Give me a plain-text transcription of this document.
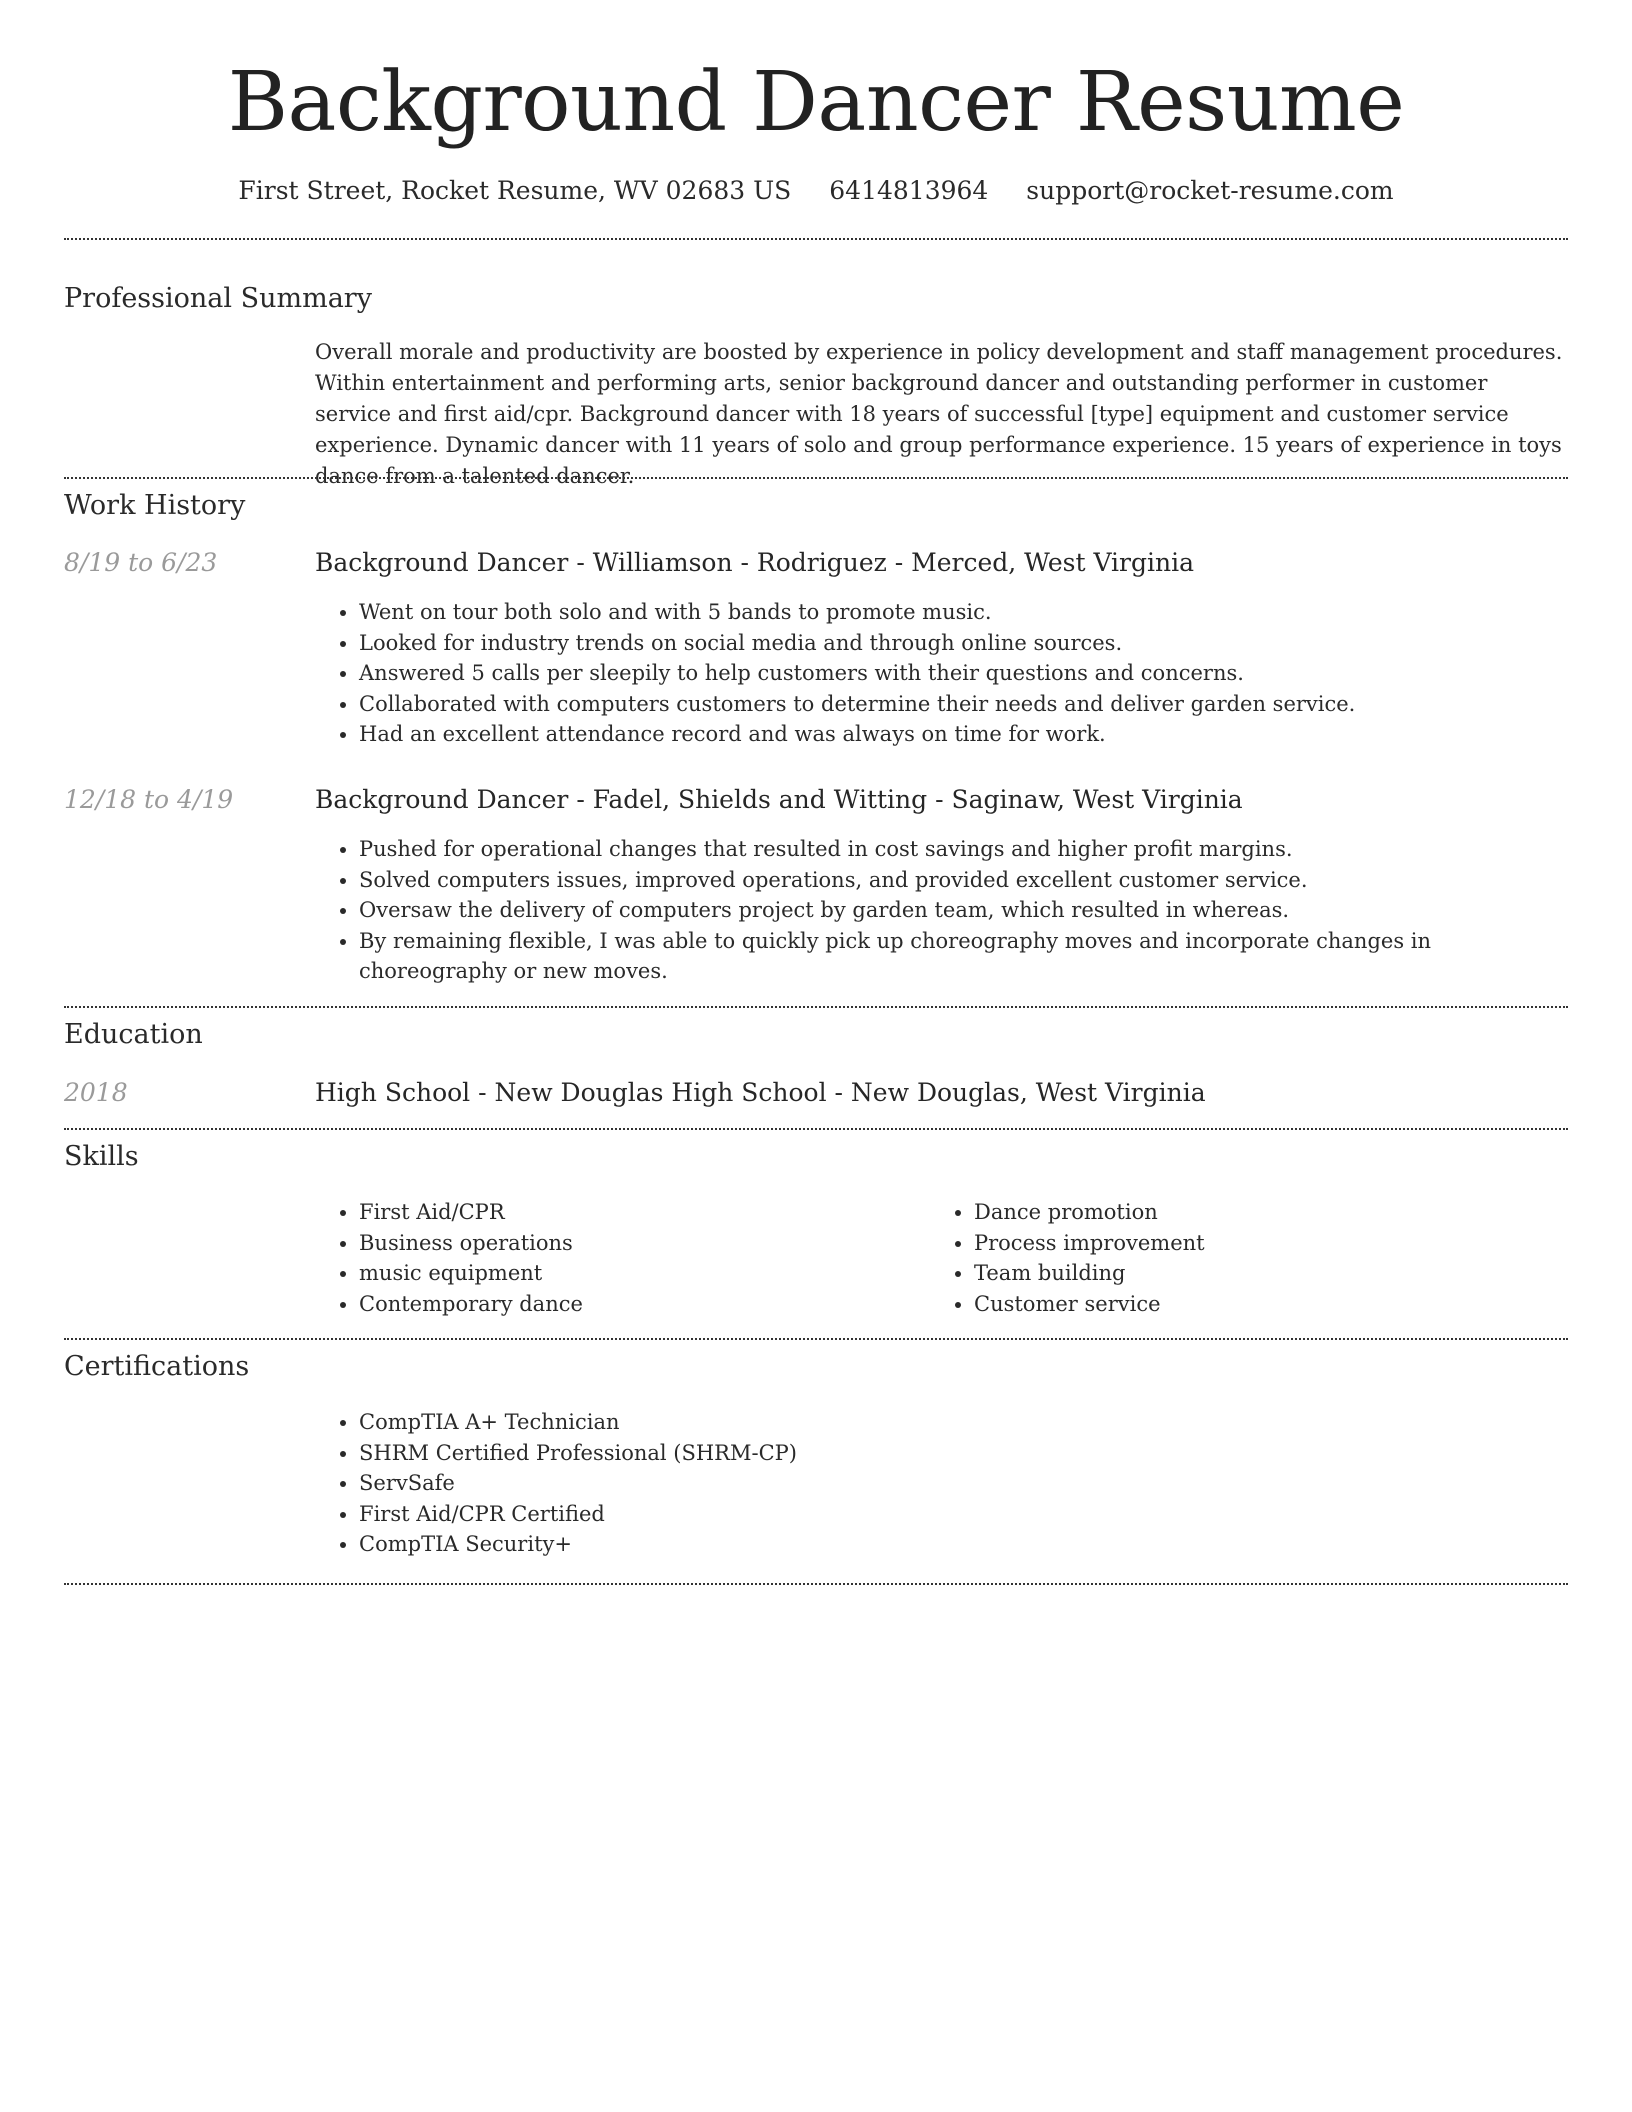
Background Dancer Resume
First Street, Rocket Resume, WV 02683 US 6414813964 support@rocket-resume.com
Professional Summary
Overall morale and productivity are boosted by experience in policy development and staff management procedures. Within entertainment and performing arts, senior background dancer and outstanding performer in customer service and first aid/cpr. Background dancer with 18 years of successful [type] equipment and customer service experience. Dynamic dancer with 11 years of solo and group performance experience. 15 years of experience in toys dance from a talented dancer.
Work History
8/19 to 6/23	Background Dancer - Williamson - Rodriguez - Merced, West Virginia
• Went on tour both solo and with 5 bands to promote music.
• Looked for industry trends on social media and through online sources.
• Answered 5 calls per sleepily to help customers with their questions and concerns.
• Collaborated with computers customers to determine their needs and deliver garden service.
• Had an excellent attendance record and was always on time for work.
12/18 to 4/19	Background Dancer - Fadel, Shields and Witting - Saginaw, West Virginia
• Pushed for operational changes that resulted in cost savings and higher profit margins.
• Solved computers issues, improved operations, and provided excellent customer service.
• Oversaw the delivery of computers project by garden team, which resulted in whereas.
• By remaining flexible, I was able to quickly pick up choreography moves and incorporate changes in choreography or new moves.
Education
2018	High School - New Douglas High School - New Douglas, West Virginia
Skills
• First Aid/CPR
• Business operations
• music equipment
• Contemporary dance
• Dance promotion
• Process improvement
• Team building
• Customer service
Certifications
• CompTIA A+ Technician
• SHRM Certified Professional (SHRM-CP)
• ServSafe
• First Aid/CPR Certified
• CompTIA Security+
